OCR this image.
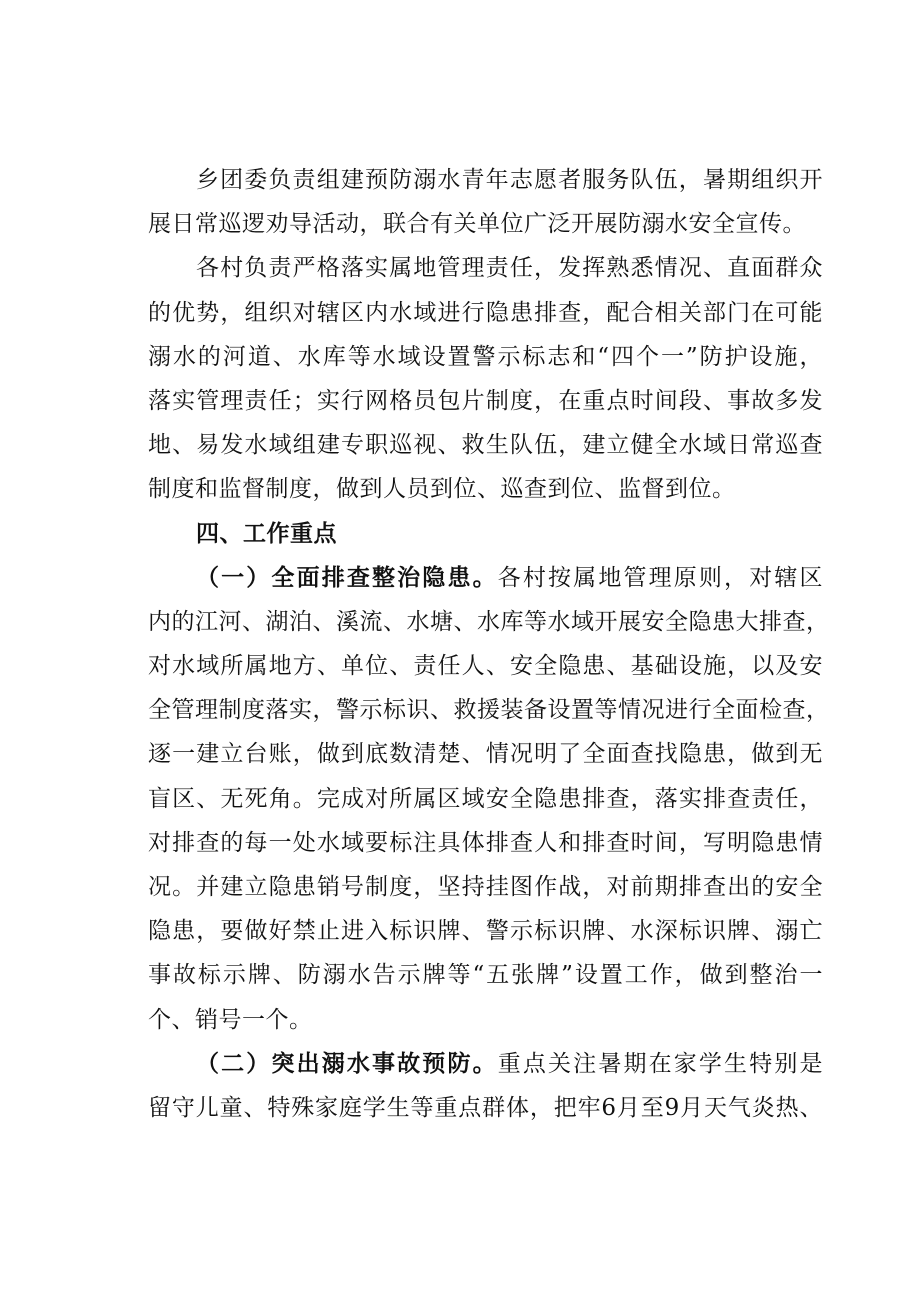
乡团委负责组建预防溺水青年志愿者服务队伍，暑期组织开
展日常巡逻劝导活动，联合有关单位广泛开展防溺水安全宣传。
各村负责严格落实属地管理责任，发挥熟悉情况、直面群众
的优势，组织对辖区内水域进行隐患排查，配合相关部门在可能
溺水的河道、水库等水域设置警示标志和“四个一”防护设施，
落实管理责任；实行网格员包片制度，在重点时间段、事故多发
地、易发水域组建专职巡视、救生队伍，建立健全水域日常巡查
制度和监督制度，做到人员到位、巡查到位、监督到位。
四、工作重点
（一）全面排查整治隐患。各村按属地管理原则，对辖区
内的江河、湖泊、溪流、水塘、水库等水域开展安全隐患大排查，
对水域所属地方、单位、责任人、安全隐患、基础设施，以及安
全管理制度落实，警示标识、救援装备设置等情况进行全面检查，
逐一建立台账，做到底数清楚、情况明了全面查找隐患，做到无
盲区、无死角。完成对所属区域安全隐患排查，落实排查责任，
对排查的每一处水域要标注具体排查人和排查时间，写明隐患情
况。并建立隐患销号制度，坚持挂图作战，对前期排查出的安全
隐患，要做好禁止进入标识牌、警示标识牌、水深标识牌、溺亡
事故标示牌、防溺水告示牌等“五张牌”设置工作，做到整治一
个、销号一个。
（二）突出溺水事故预防。重点关注暑期在家学生特别是
留守儿童、特殊家庭学生等重点群体，把牢6月至9月天气炎热、
